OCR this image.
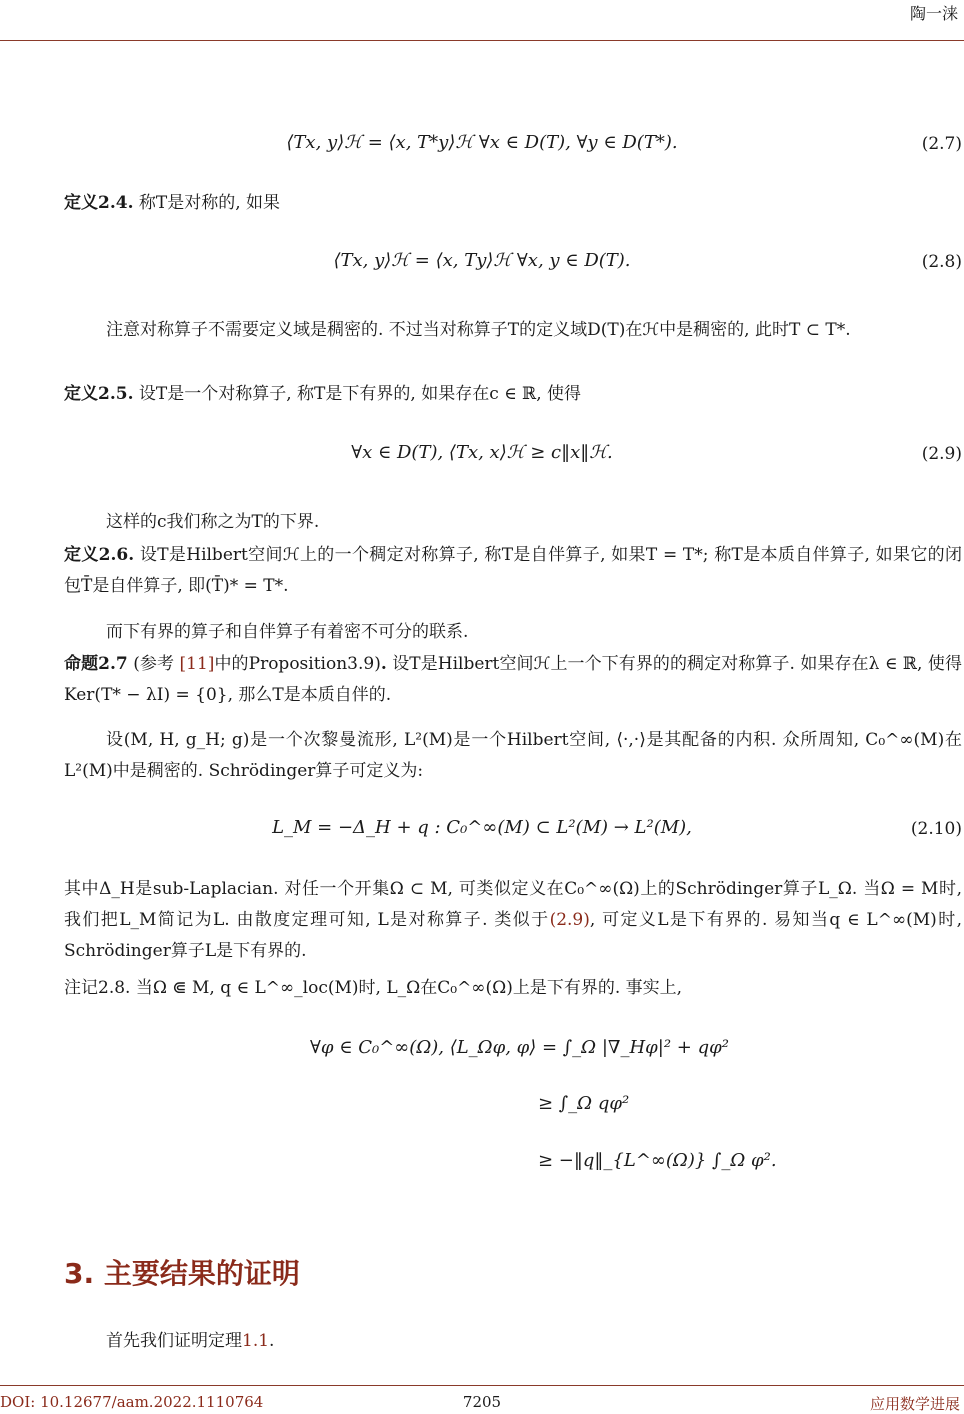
陶一涞
⟨Tx, y⟩ℋ = ⟨x, T*y⟩ℋ ∀x ∈ D(T), ∀y ∈ D(T*).	(2.7)
定义2.4. 称T是对称的, 如果
⟨Tx, y⟩ℋ = ⟨x, Ty⟩ℋ ∀x, y ∈ D(T).	(2.8)
注意对称算子不需要定义域是稠密的. 不过当对称算子T的定义域D(T)在ℋ中是稠密的, 此时T ⊂ T*.
定义2.5. 设T是一个对称算子, 称T是下有界的, 如果存在c ∈ ℝ, 使得
∀x ∈ D(T), ⟨Tx, x⟩ℋ ≥ c‖x‖ℋ.	(2.9)
这样的c我们称之为T的下界.
定义2.6. 设T是Hilbert空间ℋ上的一个稠定对称算子, 称T是自伴算子, 如果T = T*; 称T是本质自伴算子, 如果它的闭包T̄是自伴算子, 即(T̄)* = T*.
而下有界的算子和自伴算子有着密不可分的联系.
命题2.7 (参考 [11]中的Proposition3.9). 设T是Hilbert空间ℋ上一个下有界的的稠定对称算子. 如果存在λ ∈ ℝ, 使得Ker(T* − λI) = {0}, 那么T是本质自伴的.
设(M, H, g_H; g)是一个次黎曼流形, L²(M)是一个Hilbert空间, ⟨·,·⟩是其配备的内积. 众所周知, C₀^∞(M)在L²(M)中是稠密的. Schrödinger算子可定义为:
L_M = −Δ_H + q : C₀^∞(M) ⊂ L²(M) → L²(M),	(2.10)
其中Δ_H是sub-Laplacian. 对任一个开集Ω ⊂ M, 可类似定义在C₀^∞(Ω)上的Schrödinger算子L_Ω. 当Ω = M时, 我们把L_M简记为L. 由散度定理可知, L是对称算子. 类似于(2.9), 可定义L是下有界的. 易知当q ∈ L^∞(M)时, Schrödinger算子L是下有界的.
注记2.8. 当Ω ⋐ M, q ∈ L^∞_loc(M)时, L_Ω在C₀^∞(Ω)上是下有界的. 事实上,
∀φ ∈ C₀^∞(Ω), ⟨L_Ωφ, φ⟩ = ∫_Ω |∇_Hφ|² + qφ²
≥ ∫_Ω qφ²
≥ −‖q‖_{L^∞(Ω)} ∫_Ω φ².
3. 主要结果的证明
首先我们证明定理1.1.
DOI: 10.12677/aam.2022.1110764	7205	应用数学进展
